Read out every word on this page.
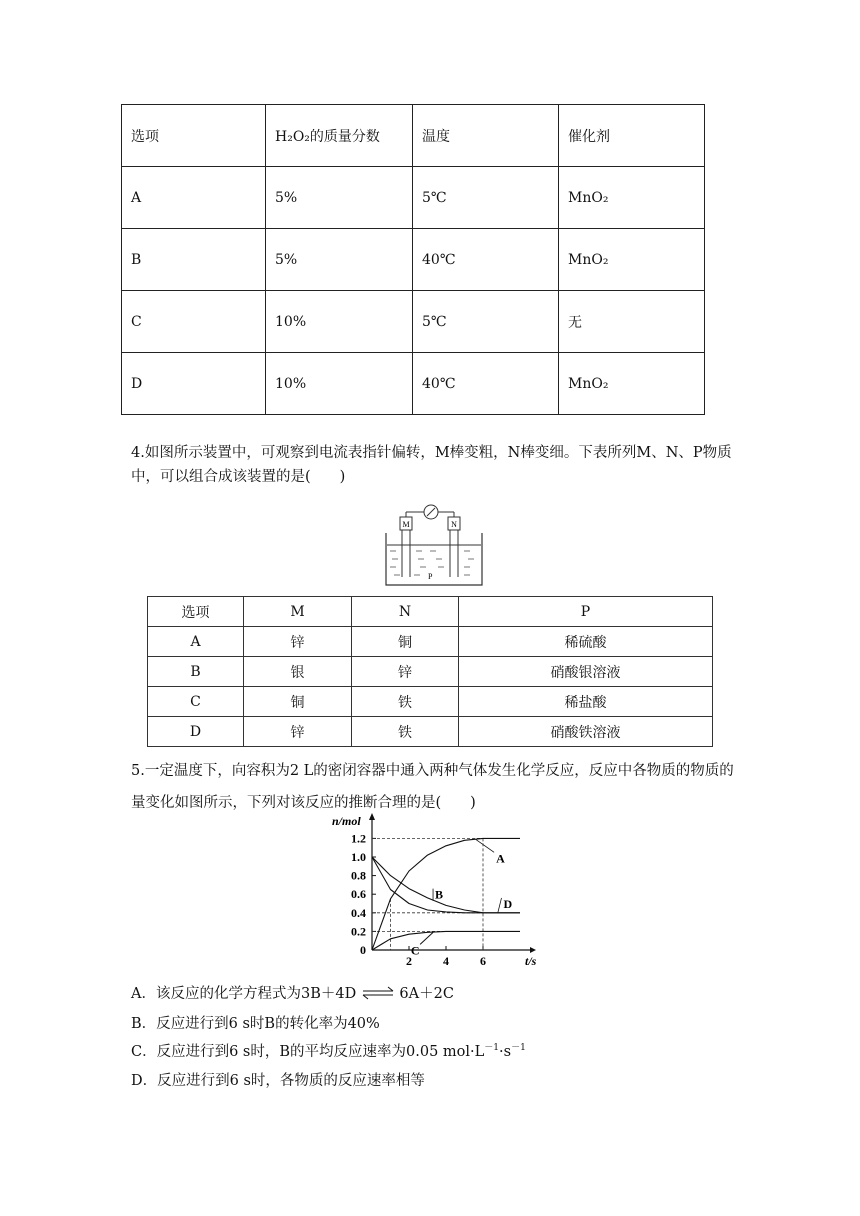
选项	H₂O₂的质量分数	温度	催化剂
A	5%	5℃	MnO₂
B	5%	40℃	MnO₂
C	10%	5℃	无
D	10%	40℃	MnO₂
4.如图所示装置中，可观察到电流表指针偏转，M棒变粗，N棒变细。下表所列M、N、P物质中，可以组合成该装置的是(　　)
M	N
P
选项	M	N	P
A	锌	铜	稀硫酸
B	银	锌	硝酸银溶液
C	铜	铁	稀盐酸
D	锌	铁	硝酸铁溶液
5.一定温度下，向容积为2 L的密闭容器中通入两种气体发生化学反应，反应中各物质的物质的量变化如图所示，下列对该反应的推断合理的是(　　)
0
0.2
0.4
0.6
0.8
1.0
1.2
2	4	6
n/mol
t/s
A
B
D
C
A．该反应的化学方程式为3B＋4D ⇌ 6A＋2C
B．反应进行到6 s时B的转化率为40%
C．反应进行到6 s时，B的平均反应速率为0.05 $mol\cdot L^{-1}\cdot s^{-1}$
D．反应进行到6 s时，各物质的反应速率相等
